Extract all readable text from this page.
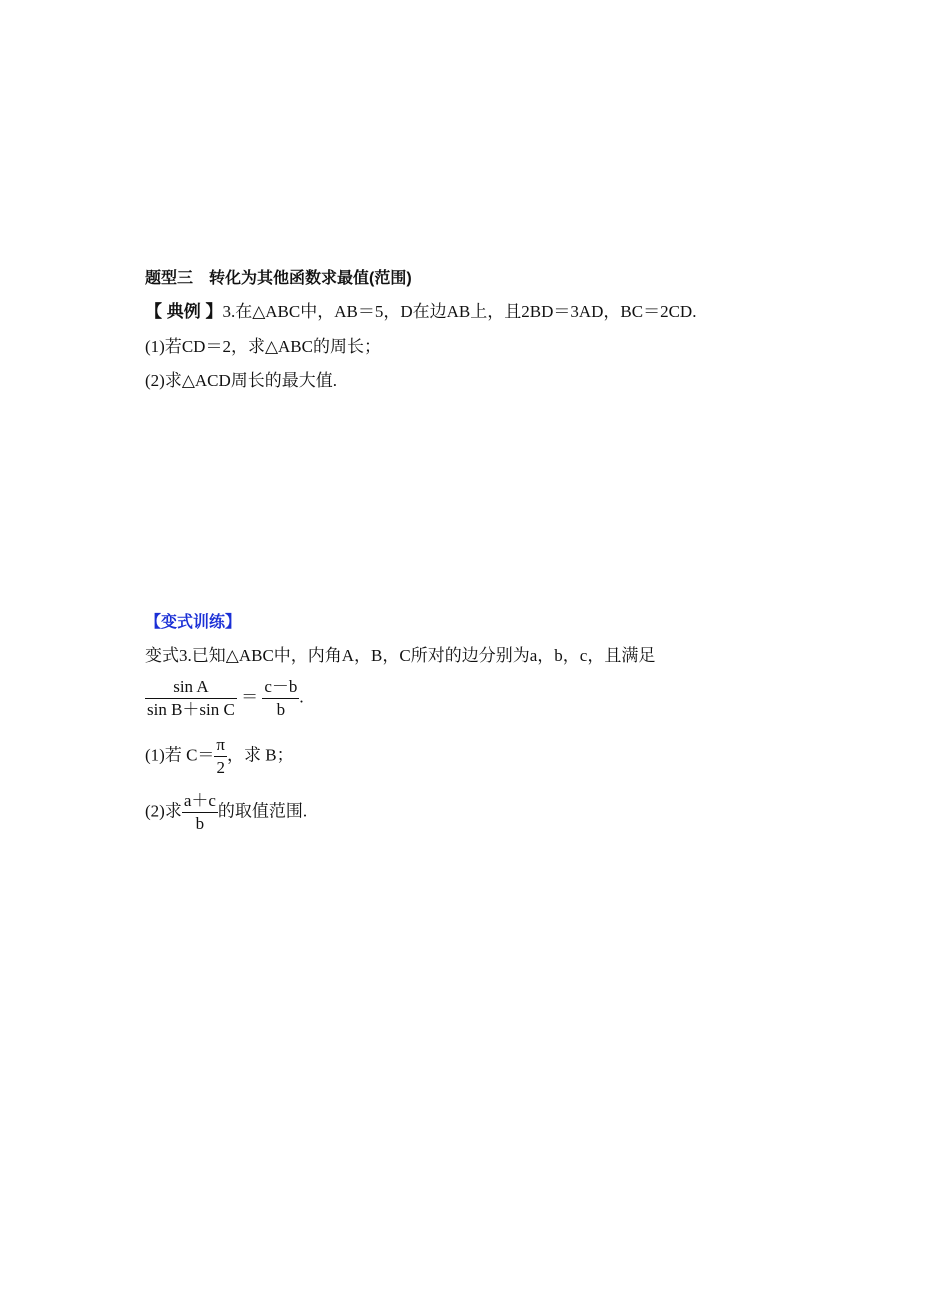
题型三　转化为其他函数求最值(范围)
【 典例 】3.在△ABC中，AB＝5，D在边AB上，且2BD＝3AD，BC＝2CD.
(1)若CD＝2，求△ABC的周长；
(2)求△ACD周长的最大值.
【变式训练】
变式3.已知△ABC中，内角A，B，C所对的边分别为a，b，c，且满足
$\frac{\text{sin A}}{\text{sin B＋sin C}} = \frac{c-b}{b}$ .
(1)若 $C= \frac{\pi}{2}$ ，求 B；
(2)求 $\frac{a+c}{b}$ 的取值范围.
